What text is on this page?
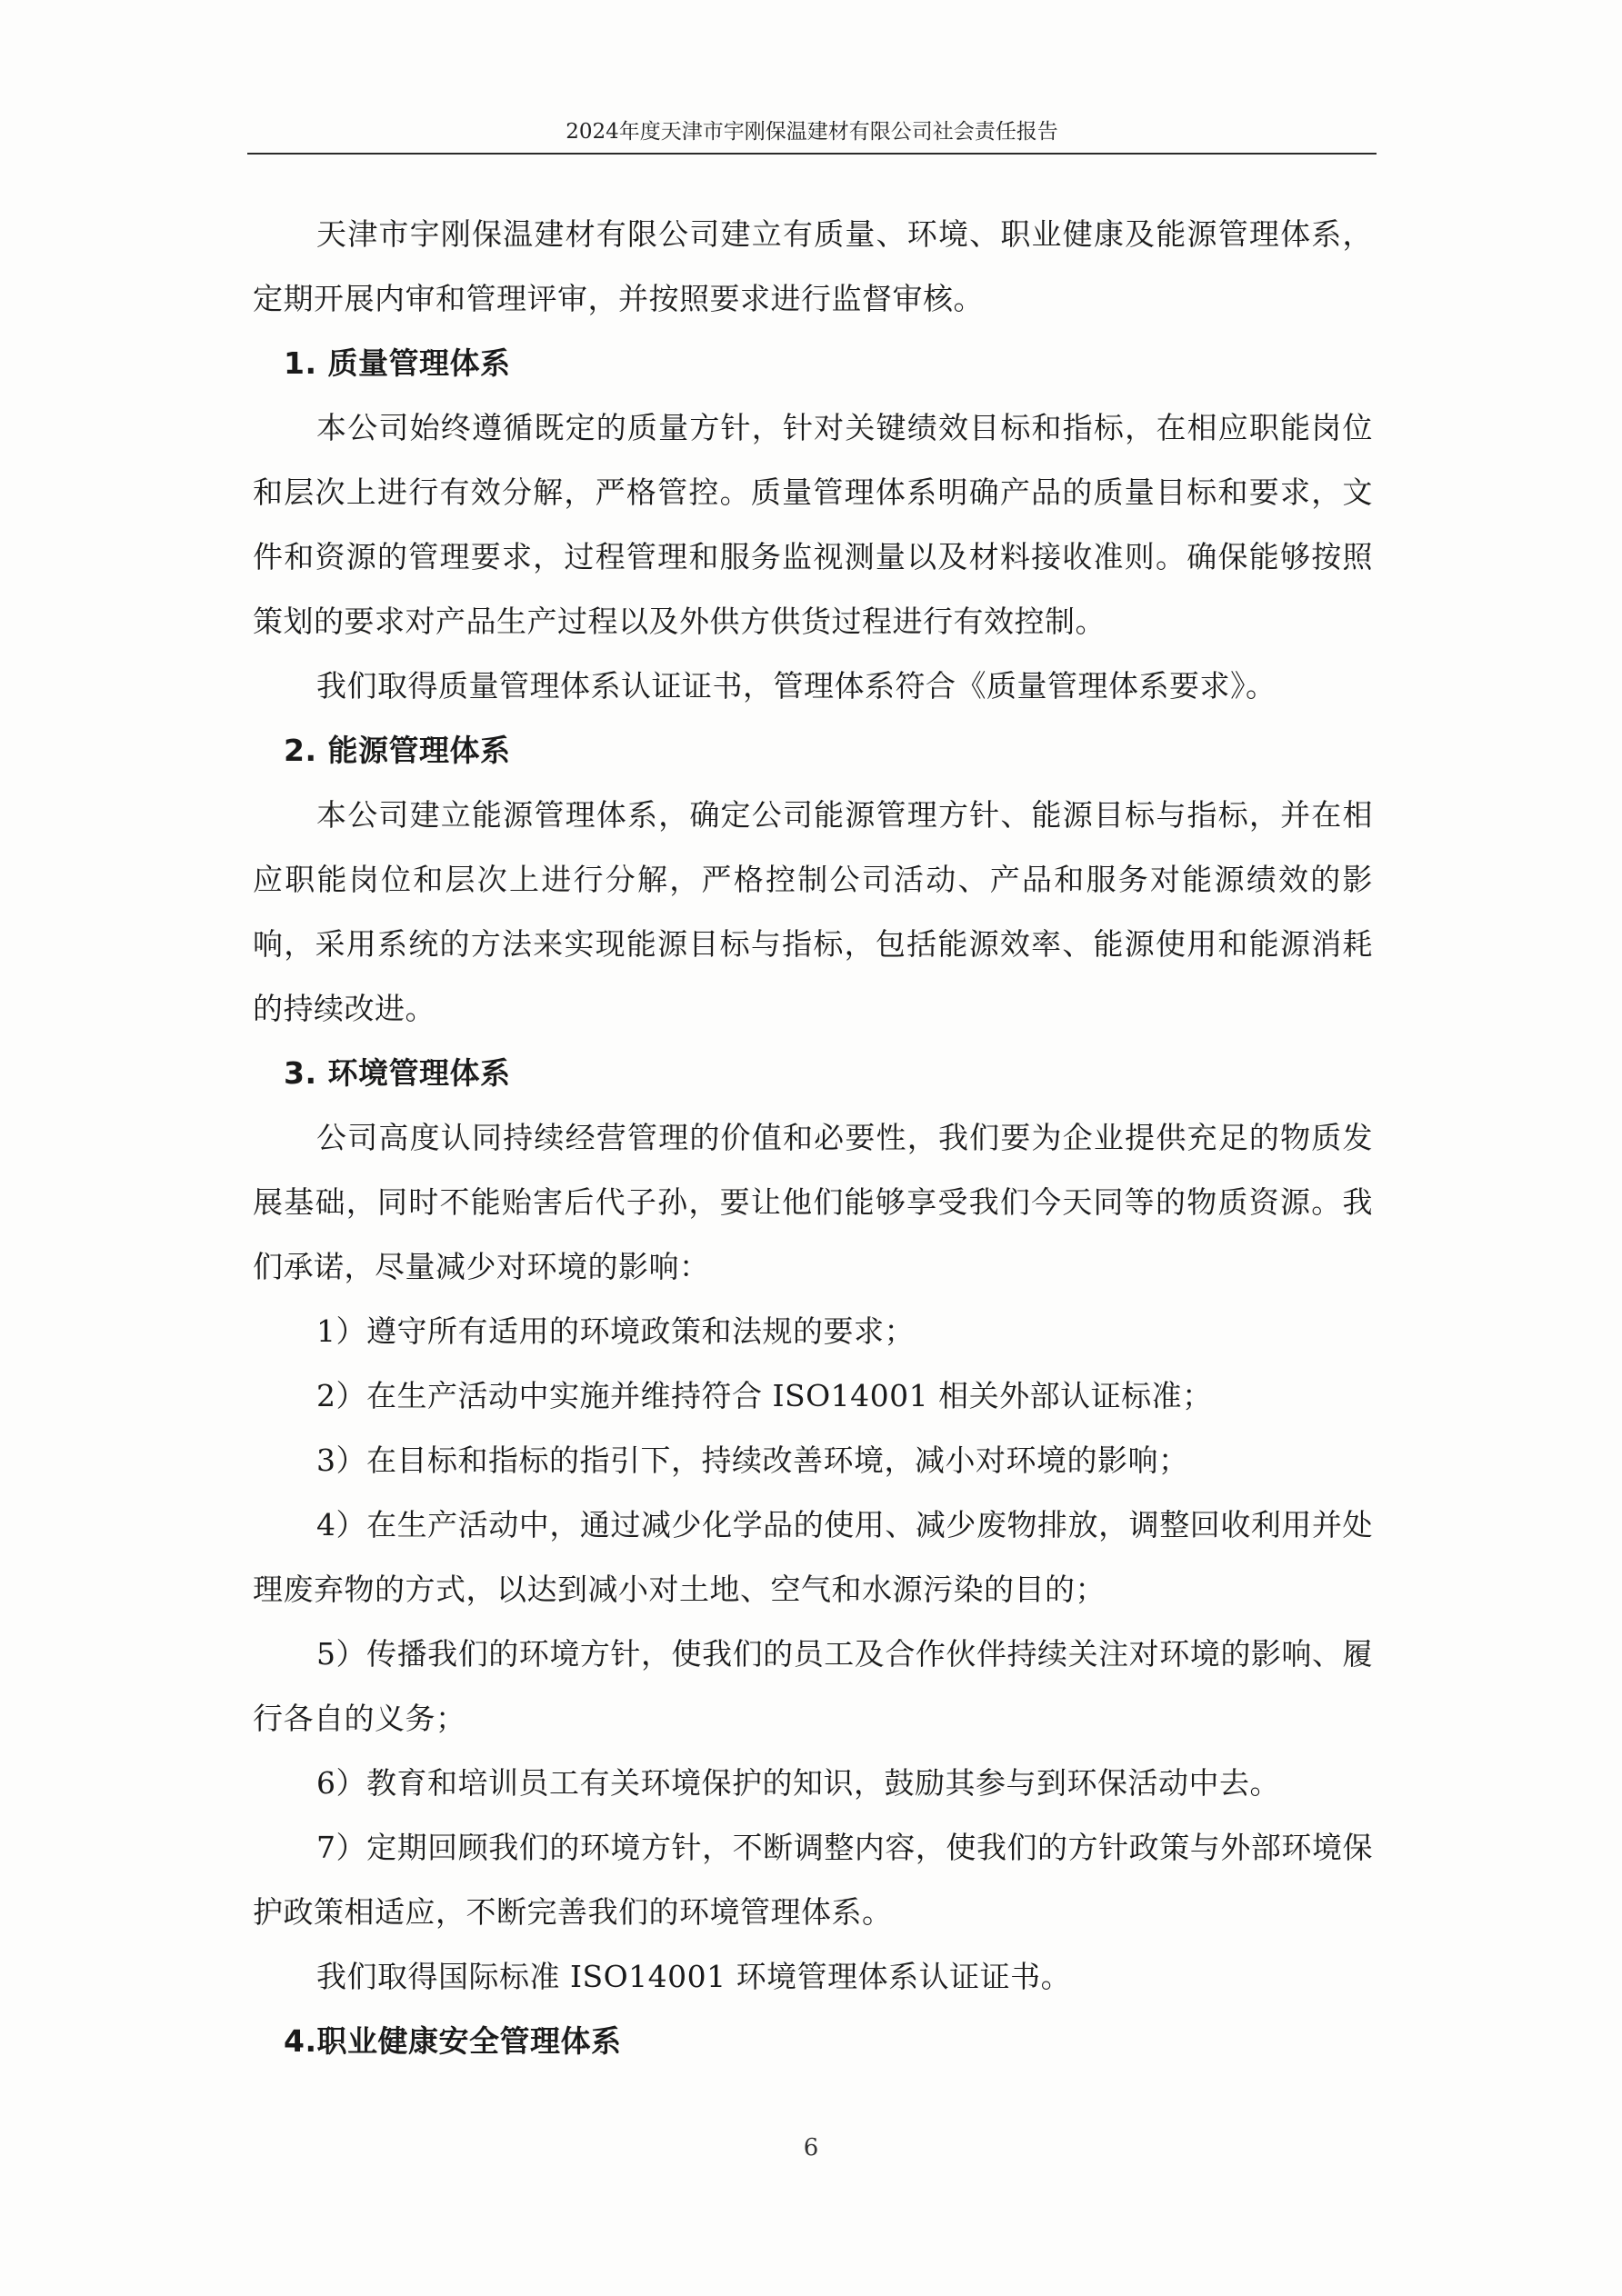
2024年度天津市宇刚保温建材有限公司社会责任报告

天津市宇刚保温建材有限公司建立有质量、环境、职业健康及能源管理体系，定期开展内审和管理评审，并按照要求进行监督审核。

1. 质量管理体系

本公司始终遵循既定的质量方针，针对关键绩效目标和指标，在相应职能岗位和层次上进行有效分解，严格管控。质量管理体系明确产品的质量目标和要求，文件和资源的管理要求，过程管理和服务监视测量以及材料接收准则。确保能够按照策划的要求对产品生产过程以及外供方供货过程进行有效控制。

我们取得质量管理体系认证证书，管理体系符合《质量管理体系要求》。

2. 能源管理体系

本公司建立能源管理体系，确定公司能源管理方针、能源目标与指标，并在相应职能岗位和层次上进行分解，严格控制公司活动、产品和服务对能源绩效的影响，采用系统的方法来实现能源目标与指标，包括能源效率、能源使用和能源消耗的持续改进。

3. 环境管理体系

公司高度认同持续经营管理的价值和必要性，我们要为企业提供充足的物质发展基础，同时不能贻害后代子孙，要让他们能够享受我们今天同等的物质资源。我们承诺，尽量减少对环境的影响：

1）遵守所有适用的环境政策和法规的要求；

2）在生产活动中实施并维持符合 ISO14001 相关外部认证标准；

3）在目标和指标的指引下，持续改善环境，减小对环境的影响；

4）在生产活动中，通过减少化学品的使用、减少废物排放，调整回收利用并处理废弃物的方式，以达到减小对土地、空气和水源污染的目的；

5）传播我们的环境方针，使我们的员工及合作伙伴持续关注对环境的影响、履行各自的义务；

6）教育和培训员工有关环境保护的知识，鼓励其参与到环保活动中去。

7）定期回顾我们的环境方针，不断调整内容，使我们的方针政策与外部环境保护政策相适应，不断完善我们的环境管理体系。

我们取得国际标准 ISO14001 环境管理体系认证证书。

4.职业健康安全管理体系

6
